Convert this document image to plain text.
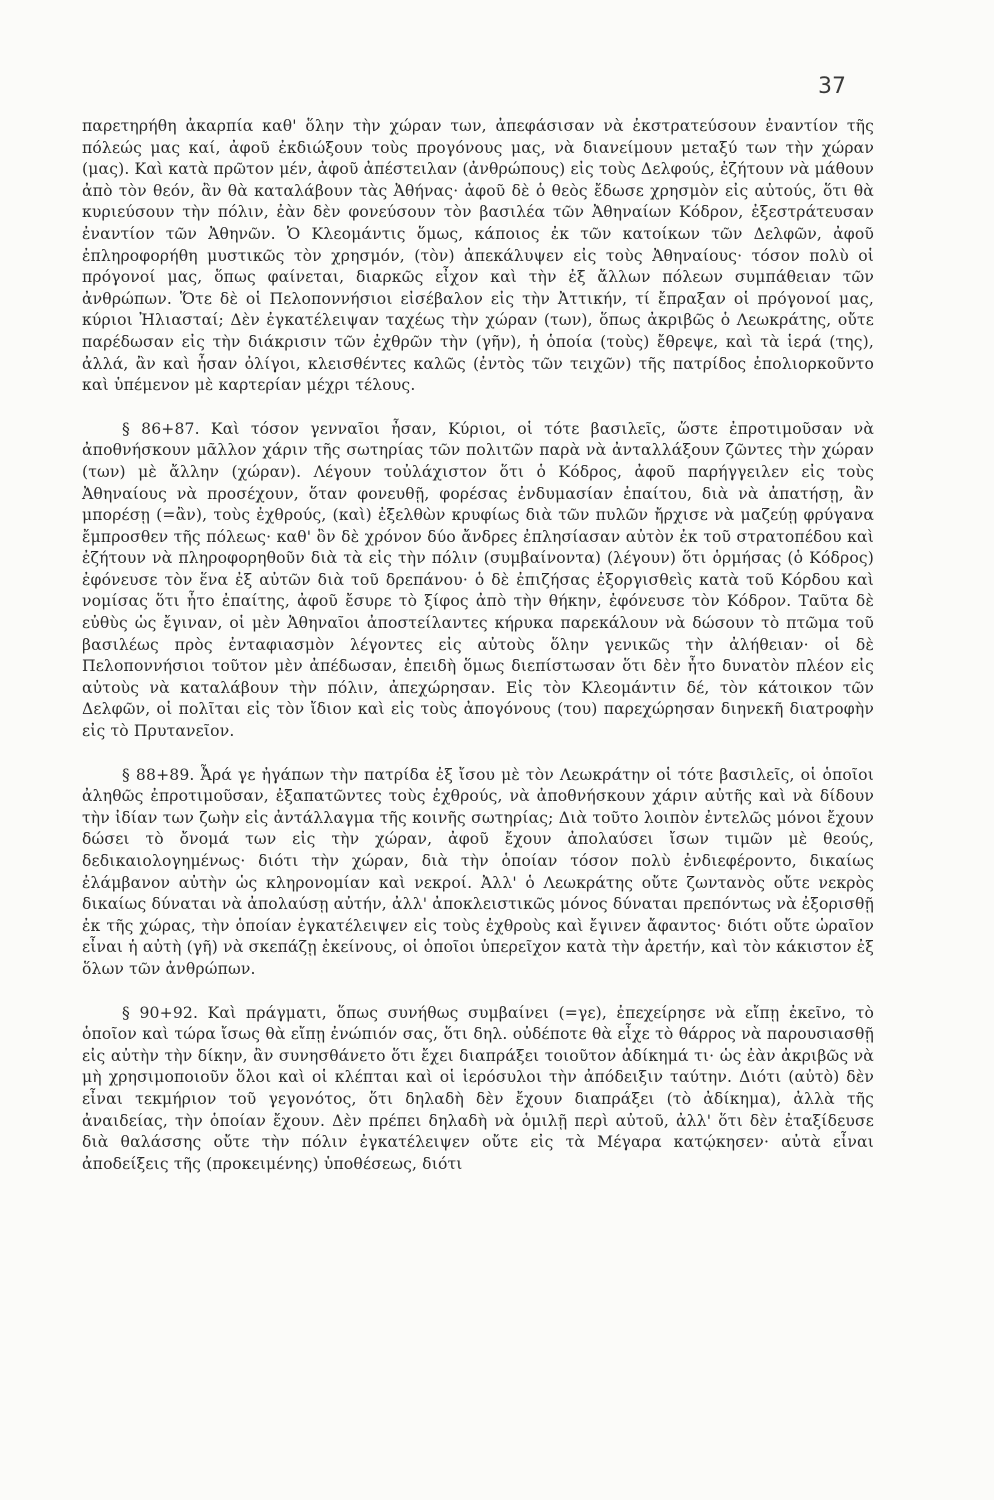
37

παρετηρήθη ἀκαρπία καθ' ὅλην τὴν χώραν των, ἀπεφάσισαν νὰ ἐκστρατεύσουν ἐναντίον τῆς πόλεώς μας καί, ἀφοῦ ἐκδιώξουν τοὺς προγόνους μας, νὰ διανείμουν μεταξύ των τὴν χώραν (μας). Καὶ κατὰ πρῶτον μέν, ἀφοῦ ἀπέστειλαν (ἀνθρώπους) εἰς τοὺς Δελφούς, ἐζήτουν νὰ μάθουν ἀπὸ τὸν θεόν, ἂν θὰ καταλάβουν τὰς Ἀθήνας· ἀφοῦ δὲ ὁ θεὸς ἔδωσε χρησμὸν εἰς αὐτούς, ὅτι θὰ κυριεύσουν τὴν πόλιν, ἐὰν δὲν φονεύσουν τὸν βασιλέα τῶν Ἀθηναίων Κόδρον, ἐξεστράτευσαν ἐναντίον τῶν Ἀθηνῶν. Ὁ Κλεομάντις ὅμως, κάποιος ἐκ τῶν κατοίκων τῶν Δελφῶν, ἀφοῦ ἐπληροφορήθη μυστικῶς τὸν χρησμόν, (τὸν) ἀπεκάλυψεν εἰς τοὺς Ἀθηναίους· τόσον πολὺ οἱ πρόγονοί μας, ὅπως φαίνεται, διαρκῶς εἶχον καὶ τὴν ἐξ ἄλλων πόλεων συμπάθειαν τῶν ἀνθρώπων. Ὅτε δὲ οἱ Πελοποννήσιοι εἰσέβαλον εἰς τὴν Ἀττικήν, τί ἔπραξαν οἱ πρόγονοί μας, κύριοι Ἠλιασταί; Δὲν ἐγκατέλειψαν ταχέως τὴν χώραν (των), ὅπως ἀκριβῶς ὁ Λεωκράτης, οὔτε παρέδωσαν εἰς τὴν διάκρισιν τῶν ἐχθρῶν τὴν (γῆν), ἡ ὁποία (τοὺς) ἔθρεψε, καὶ τὰ ἱερά (της), ἀλλά, ἂν καὶ ἦσαν ὀλίγοι, κλεισθέντες καλῶς (ἐντὸς τῶν τειχῶν) τῆς πατρίδος ἐπολιορκοῦντο καὶ ὑπέμενον μὲ καρτερίαν μέχρι τέλους.

§ 86+87. Καὶ τόσον γενναῖοι ἦσαν, Κύριοι, οἱ τότε βασιλεῖς, ὥστε ἐπροτιμοῦσαν νὰ ἀποθνήσκουν μᾶλλον χάριν τῆς σωτηρίας τῶν πολιτῶν παρὰ νὰ ἀνταλλάξουν ζῶντες τὴν χώραν (των) μὲ ἄλλην (χώραν). Λέγουν τοὐλάχιστον ὅτι ὁ Κόδρος, ἀφοῦ παρήγγειλεν εἰς τοὺς Ἀθηναίους νὰ προσέχουν, ὅταν φονευθῇ, φορέσας ἐνδυμασίαν ἐπαίτου, διὰ νὰ ἀπατήσῃ, ἂν μπορέσῃ (=ἂν), τοὺς ἐχθρούς, (καὶ) ἐξελθὼν κρυφίως διὰ τῶν πυλῶν ἤρχισε νὰ μαζεύῃ φρύγανα ἔμπροσθεν τῆς πόλεως· καθ' ὃν δὲ χρόνον δύο ἄνδρες ἐπλησίασαν αὐτὸν ἐκ τοῦ στρατοπέδου καὶ ἐζήτουν νὰ πληροφορηθοῦν διὰ τὰ εἰς τὴν πόλιν (συμβαίνοντα) (λέγουν) ὅτι ὁρμήσας (ὁ Κόδρος) ἐφόνευσε τὸν ἕνα ἐξ αὐτῶν διὰ τοῦ δρεπάνου· ὁ δὲ ἐπιζήσας ἐξοργισθεὶς κατὰ τοῦ Κόρδου καὶ νομίσας ὅτι ἦτο ἐπαίτης, ἀφοῦ ἔσυρε τὸ ξίφος ἀπὸ τὴν θήκην, ἐφόνευσε τὸν Κόδρον. Ταῦτα δὲ εὐθὺς ὡς ἔγιναν, οἱ μὲν Ἀθηναῖοι ἀποστείλαντες κήρυκα παρεκάλουν νὰ δώσουν τὸ πτῶμα τοῦ βασιλέως πρὸς ἐνταφιασμὸν λέγοντες εἰς αὐτοὺς ὅλην γενικῶς τὴν ἀλήθειαν· οἱ δὲ Πελοποννήσιοι τοῦτον μὲν ἀπέδωσαν, ἐπειδὴ ὅμως διεπίστωσαν ὅτι δὲν ἦτο δυνατὸν πλέον εἰς αὐτοὺς νὰ καταλάβουν τὴν πόλιν, ἀπεχώρησαν. Εἰς τὸν Κλεομάντιν δέ, τὸν κάτοικον τῶν Δελφῶν, οἱ πολῖται εἰς τὸν ἴδιον καὶ εἰς τοὺς ἀπογόνους (του) παρεχώρησαν διηνεκῆ διατροφὴν εἰς τὸ Πρυτανεῖον.

§ 88+89. Ἆρά γε ἠγάπων τὴν πατρίδα ἐξ ἴσου μὲ τὸν Λεωκράτην οἱ τότε βασιλεῖς, οἱ ὁποῖοι ἀληθῶς ἐπροτιμοῦσαν, ἐξαπατῶντες τοὺς ἐχθρούς, νὰ ἀποθνήσκουν χάριν αὐτῆς καὶ νὰ δίδουν τὴν ἰδίαν των ζωὴν εἰς ἀντάλλαγμα τῆς κοινῆς σωτηρίας; Διὰ τοῦτο λοιπὸν ἐντελῶς μόνοι ἔχουν δώσει τὸ ὄνομά των εἰς τὴν χώραν, ἀφοῦ ἔχουν ἀπολαύσει ἴσων τιμῶν μὲ θεούς, δεδικαιολογημένως· διότι τὴν χώραν, διὰ τὴν ὁποίαν τόσον πολὺ ἐνδιεφέροντο, δικαίως ἐλάμβανον αὐτὴν ὡς κληρονομίαν καὶ νεκροί. Ἀλλ' ὁ Λεωκράτης οὔτε ζωντανὸς οὔτε νεκρὸς δικαίως δύναται νὰ ἀπολαύσῃ αὐτήν, ἀλλ' ἀποκλειστικῶς μόνος δύναται πρεπόντως νὰ ἐξορισθῇ ἐκ τῆς χώρας, τὴν ὁποίαν ἐγκατέλειψεν εἰς τοὺς ἐχθροὺς καὶ ἔγινεν ἄφαντος· διότι οὔτε ὡραῖον εἶναι ἡ αὐτὴ (γῆ) νὰ σκεπάζῃ ἐκείνους, οἱ ὁποῖοι ὑπερεῖχον κατὰ τὴν ἀρετήν, καὶ τὸν κάκιστον ἐξ ὅλων τῶν ἀνθρώπων.

§ 90+92. Καὶ πράγματι, ὅπως συνήθως συμβαίνει (=γε), ἐπεχείρησε νὰ εἴπῃ ἐκεῖνο, τὸ ὁποῖον καὶ τώρα ἴσως θὰ εἴπῃ ἐνώπιόν σας, ὅτι δηλ. οὐδέποτε θὰ εἶχε τὸ θάρρος νὰ παρουσιασθῇ εἰς αὐτὴν τὴν δίκην, ἂν συνησθάνετο ὅτι ἔχει διαπράξει τοιοῦτον ἀδίκημά τι· ὡς ἐὰν ἀκριβῶς νὰ μὴ χρησιμοποιοῦν ὅλοι καὶ οἱ κλέπται καὶ οἱ ἱερόσυλοι τὴν ἀπόδειξιν ταύτην. Διότι (αὐτὸ) δὲν εἶναι τεκμήριον τοῦ γεγονότος, ὅτι δηλαδὴ δὲν ἔχουν διαπράξει (τὸ ἀδίκημα), ἀλλὰ τῆς ἀναιδείας, τὴν ὁποίαν ἔχουν. Δὲν πρέπει δηλαδὴ νὰ ὁμιλῇ περὶ αὐτοῦ, ἀλλ' ὅτι δὲν ἐταξίδευσε διὰ θαλάσσης οὔτε τὴν πόλιν ἐγκατέλειψεν οὔτε εἰς τὰ Μέγαρα κατῴκησεν· αὐτὰ εἶναι ἀποδείξεις τῆς (προκειμένης) ὑποθέσεως, διότι
